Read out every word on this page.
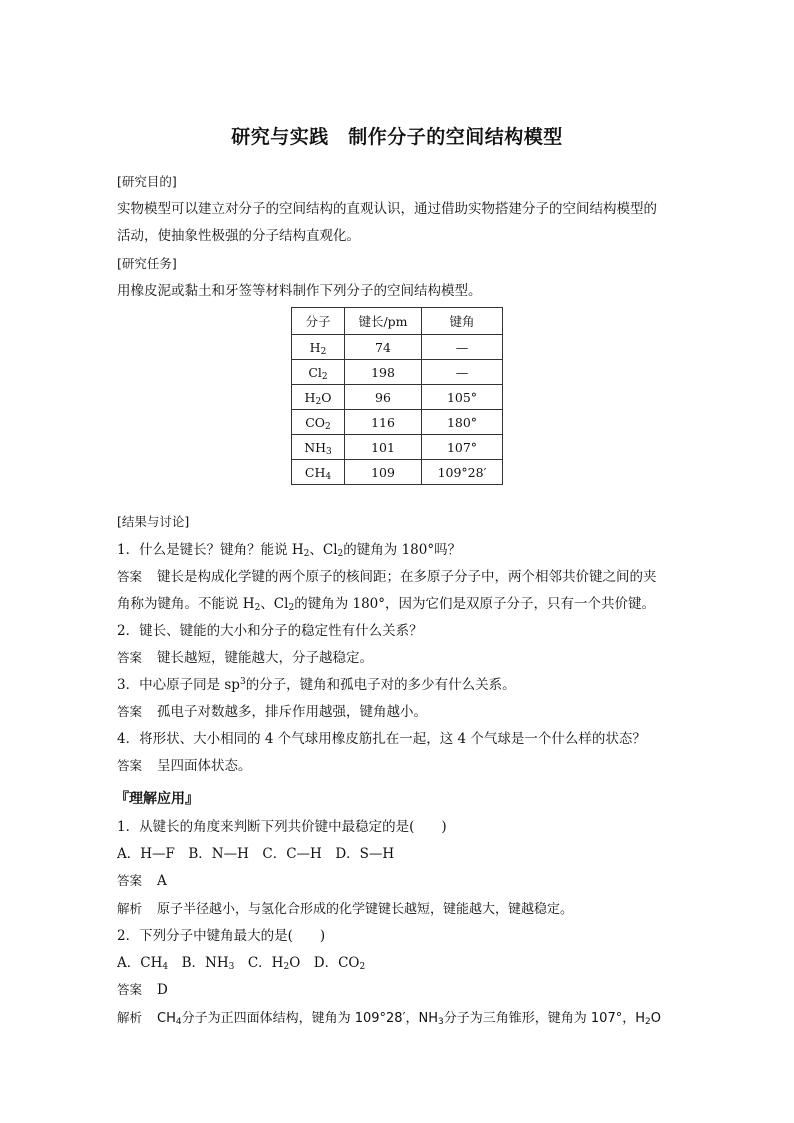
研究与实践　制作分子的空间结构模型
[研究目的]
实物模型可以建立对分子的空间结构的直观认识，通过借助实物搭建分子的空间结构模型的
活动，使抽象性极强的分子结构直观化。
[研究任务]
用橡皮泥或黏土和牙签等材料制作下列分子的空间结构模型。
分子	键长/pm	键角
$H_2$	74	—
$Cl_2$	198	—
$H_2O$	96	105°
$CO_2$	116	180°
$NH_3$	101	107°
$CH_4$	109	109°28′
[结果与讨论]
1．什么是键长？键角？能说 $H_2$、$Cl_2$的键角为 180°吗？
答案 键长是构成化学键的两个原子的核间距；在多原子分子中，两个相邻共价键之间的夹
角称为键角。不能说 $H_2$、$Cl_2$的键角为 180°，因为它们是双原子分子，只有一个共价键。
2．键长、键能的大小和分子的稳定性有什么关系？
答案 键长越短，键能越大，分子越稳定。
3．中心原子同是 $sp^3$的分子，键角和孤电子对的多少有什么关系。
答案 孤电子对数越多，排斥作用越强，键角越小。
4．将形状、大小相同的 4 个气球用橡皮筋扎在一起，这 4 个气球是一个什么样的状态？
答案 呈四面体状态。
『理解应用』
1．从键长的角度来判断下列共价键中最稳定的是(　　)
A．H—F　B．N—H　C．C—H　D．S—H
答案 A
解析 原子半径越小，与氢化合形成的化学键键长越短，键能越大，键越稳定。
2．下列分子中键角最大的是(　　)
A．$CH_4$　B．$NH_3$　C．$H_2O$　D．$CO_2$
答案 D
解析 $CH_4$分子为正四面体结构，键角为 109°28′，$NH_3$分子为三角锥形，键角为 107°，$H_2O$
